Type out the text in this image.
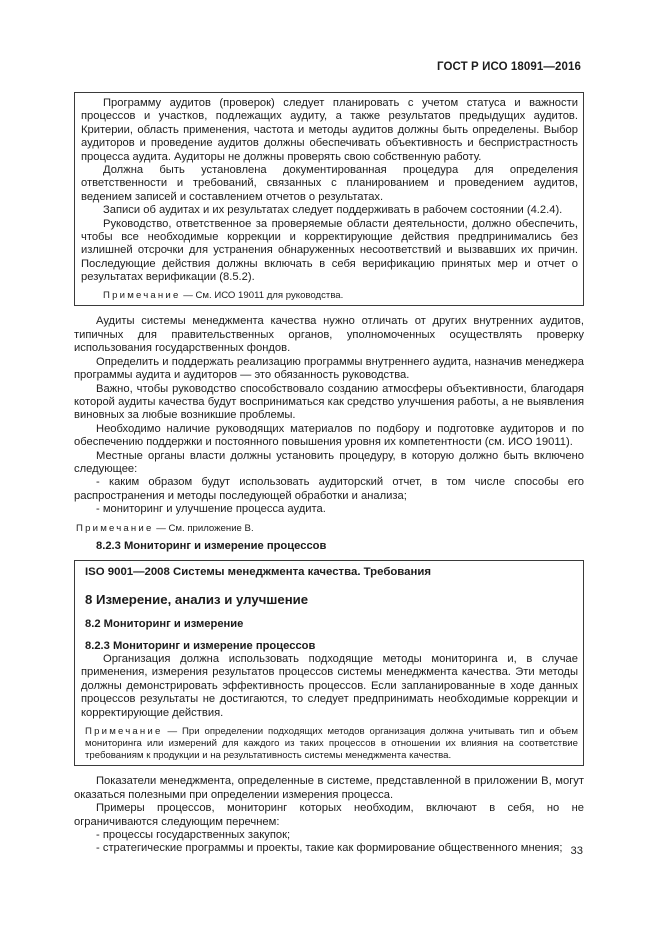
ГОСТ Р ИСО 18091—2016

Программу аудитов (проверок) следует планировать с учетом статуса и важности процессов и участков, подлежащих аудиту, а также результатов предыдущих аудитов. Критерии, область применения, частота и методы аудитов должны быть определены. Выбор аудиторов и проведение аудитов должны обеспечивать объективность и беспристрастность процесса аудита. Аудиторы не должны проверять свою собственную работу.

Должна быть установлена документированная процедура для определения ответственности и требований, связанных с планированием и проведением аудитов, ведением записей и составлением отчетов о результатах.

Записи об аудитах и их результатах следует поддерживать в рабочем состоянии (4.2.4).

Руководство, ответственное за проверяемые области деятельности, должно обеспечить, чтобы все необходимые коррекции и корректирующие действия предпринимались без излишней отсрочки для устранения обнаруженных несоответствий и вызвавших их причин. Последующие действия должны включать в себя верификацию принятых мер и отчет о результатах верификации (8.5.2).

Примечание — См. ИСО 19011 для руководства.

Аудиты системы менеджмента качества нужно отличать от других внутренних аудитов, типичных для правительственных органов, уполномоченных осуществлять проверку использования государственных фондов.

Определить и поддержать реализацию программы внутреннего аудита, назначив менеджера программы аудита и аудиторов — это обязанность руководства.

Важно, чтобы руководство способствовало созданию атмосферы объективности, благодаря которой аудиты качества будут восприниматься как средство улучшения работы, а не выявления виновных за любые возникшие проблемы.

Необходимо наличие руководящих материалов по подбору и подготовке аудиторов и по обеспечению поддержки и постоянного повышения уровня их компетентности (см. ИСО 19011).

Местные органы власти должны установить процедуру, в которую должно быть включено следующее:

- каким образом будут использовать аудиторский отчет, в том числе способы его распространения и методы последующей обработки и анализа;

- мониторинг и улучшение процесса аудита.

Примечание — См. приложение В.

8.2.3 Мониторинг и измерение процессов

ISO 9001—2008 Системы менеджмента качества. Требования

8 Измерение, анализ и улучшение

8.2 Мониторинг и измерение

8.2.3 Мониторинг и измерение процессов

Организация должна использовать подходящие методы мониторинга и, в случае применения, измерения результатов процессов системы менеджмента качества. Эти методы должны демонстрировать эффективность процессов. Если запланированные в ходе данных процессов результаты не достигаются, то следует предпринимать необходимые коррекции и корректирующие действия.

Примечание — При определении подходящих методов организация должна учитывать тип и объем мониторинга или измерений для каждого из таких процессов в отношении их влияния на соответствие требованиям к продукции и на результативность системы менеджмента качества.

Показатели менеджмента, определенные в системе, представленной в приложении В, могут оказаться полезными при определении измерения процесса.

Примеры процессов, мониторинг которых необходим, включают в себя, но не ограничиваются следующим перечнем:

- процессы государственных закупок;

- стратегические программы и проекты, такие как формирование общественного мнения; 33
